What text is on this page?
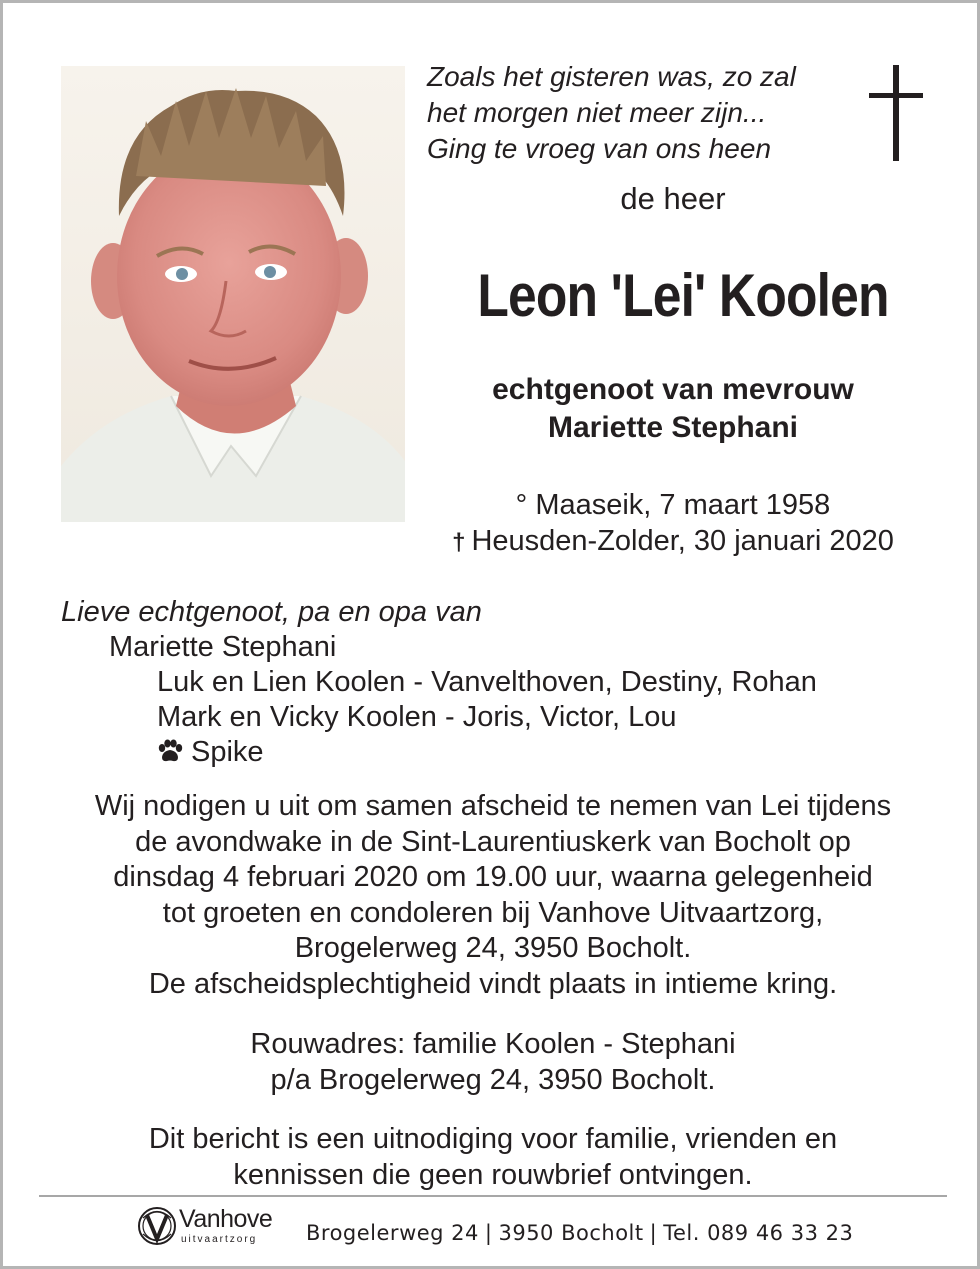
Zoals het gisteren was, zo zal
het morgen niet meer zijn...
Ging te vroeg van ons heen
de heer
Leon 'Lei' Koolen
echtgenoot van mevrouw
Mariette Stephani
° Maaseik, 7 maart 1958
† Heusden-Zolder, 30 januari 2020
Lieve echtgenoot, pa en opa van
Mariette Stephani
Luk en Lien Koolen - Vanvelthoven, Destiny, Rohan
Mark en Vicky Koolen - Joris, Victor, Lou
Spike
Wij nodigen u uit om samen afscheid te nemen van Lei tijdens
de avondwake in de Sint-Laurentiuskerk van Bocholt op
dinsdag 4 februari 2020 om 19.00 uur, waarna gelegenheid
tot groeten en condoleren bij Vanhove Uitvaartzorg,
Brogelerweg 24, 3950 Bocholt.
De afscheidsplechtigheid vindt plaats in intieme kring.
Rouwadres: familie Koolen - Stephani
p/a Brogelerweg 24, 3950 Bocholt.
Dit bericht is een uitnodiging voor familie, vrienden en
kennissen die geen rouwbrief ontvingen.
Vanhove
uitvaartzorg Brogelerweg 24 | 3950 Bocholt | Tel. 089 46 33 23
